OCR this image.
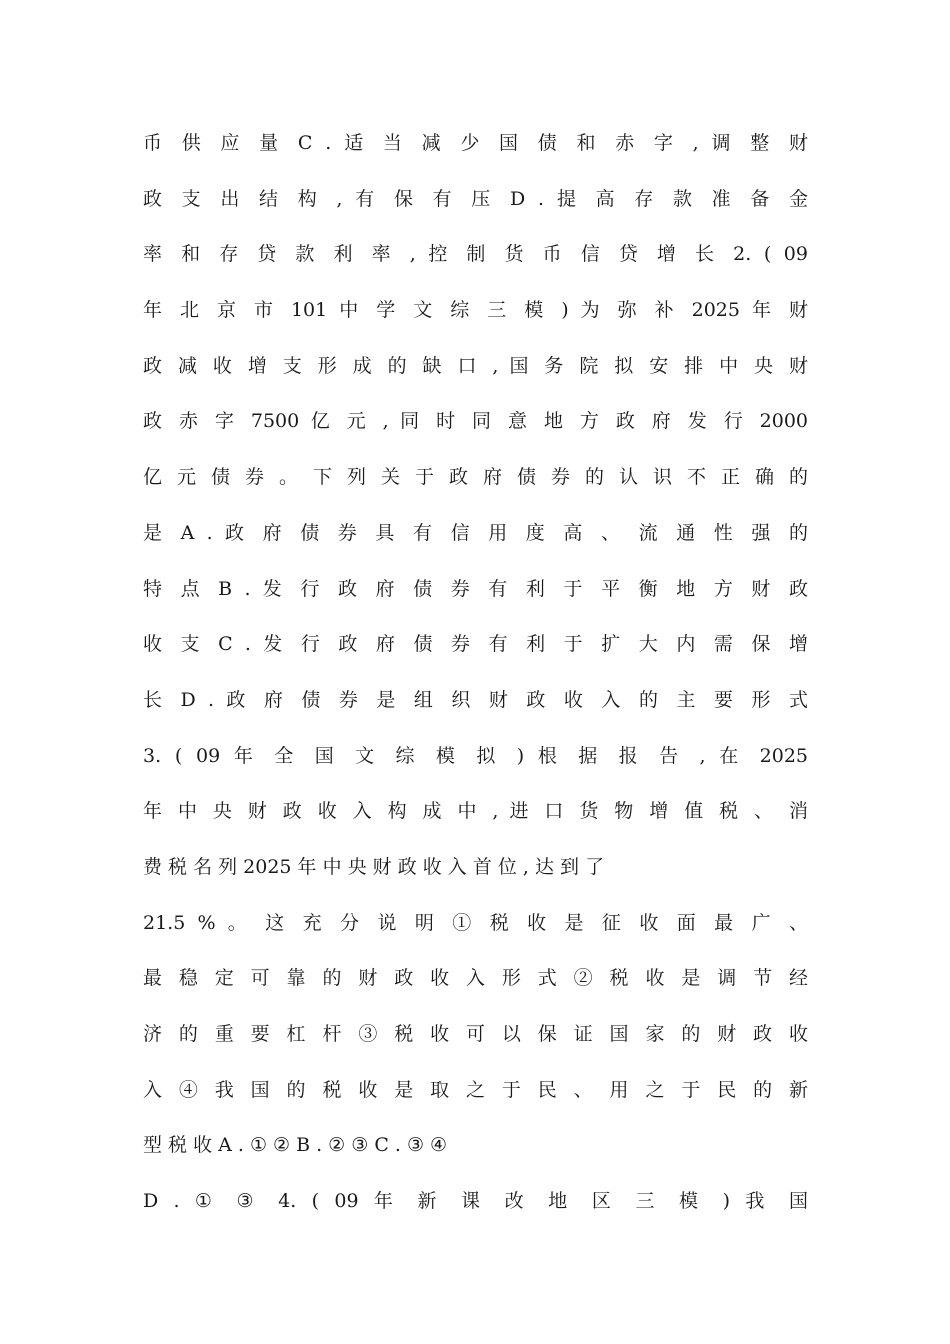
币 供 应 量 C . 适 当 减 少 国 债 和 赤 字 , 调 整 财
政 支 出 结 构 , 有 保 有 压 D . 提 高 存 款 准 备 金
率 和 存 贷 款 利 率 , 控 制 货 币 信 贷 增 长 2. ( 09
年 北 京 市 101 中 学 文 综 三 模 ) 为 弥 补 2025 年 财
政 减 收 增 支 形 成 的 缺 口 , 国 务 院 拟 安 排 中 央 财
政 赤 字 7500 亿 元 , 同 时 同 意 地 方 政 府 发 行 2000
亿 元 债 券 。 下 列 关 于 政 府 债 券 的 认 识 不 正 确 的
是 A . 政 府 债 券 具 有 信 用 度 高 、 流 通 性 强 的
特 点 B . 发 行 政 府 债 券 有 利 于 平 衡 地 方 财 政
收 支 C . 发 行 政 府 债 券 有 利 于 扩 大 内 需 保 增
长 D . 政 府 债 券 是 组 织 财 政 收 入 的 主 要 形 式
3. ( 09 年 全 国 文 综 模 拟 ) 根 据 报 告 , 在 2025
年 中 央 财 政 收 入 构 成 中 , 进 口 货 物 增 值 税 、 消
费 税 名 列 2025 年 中 央 财 政 收 入 首 位 , 达 到 了
21.5 % 。 这 充 分 说 明 ① 税 收 是 征 收 面 最 广 、
最 稳 定 可 靠 的 财 政 收 入 形 式 ② 税 收 是 调 节 经
济 的 重 要 杠 杆 ③ 税 收 可 以 保 证 国 家 的 财 政 收
入 ④ 我 国 的 税 收 是 取 之 于 民 、 用 之 于 民 的 新
型 税 收 A . ① ② B . ② ③ C . ③ ④
D . ① ③ 4. ( 09 年 新 课 改 地 区 三 模 ) 我 国
